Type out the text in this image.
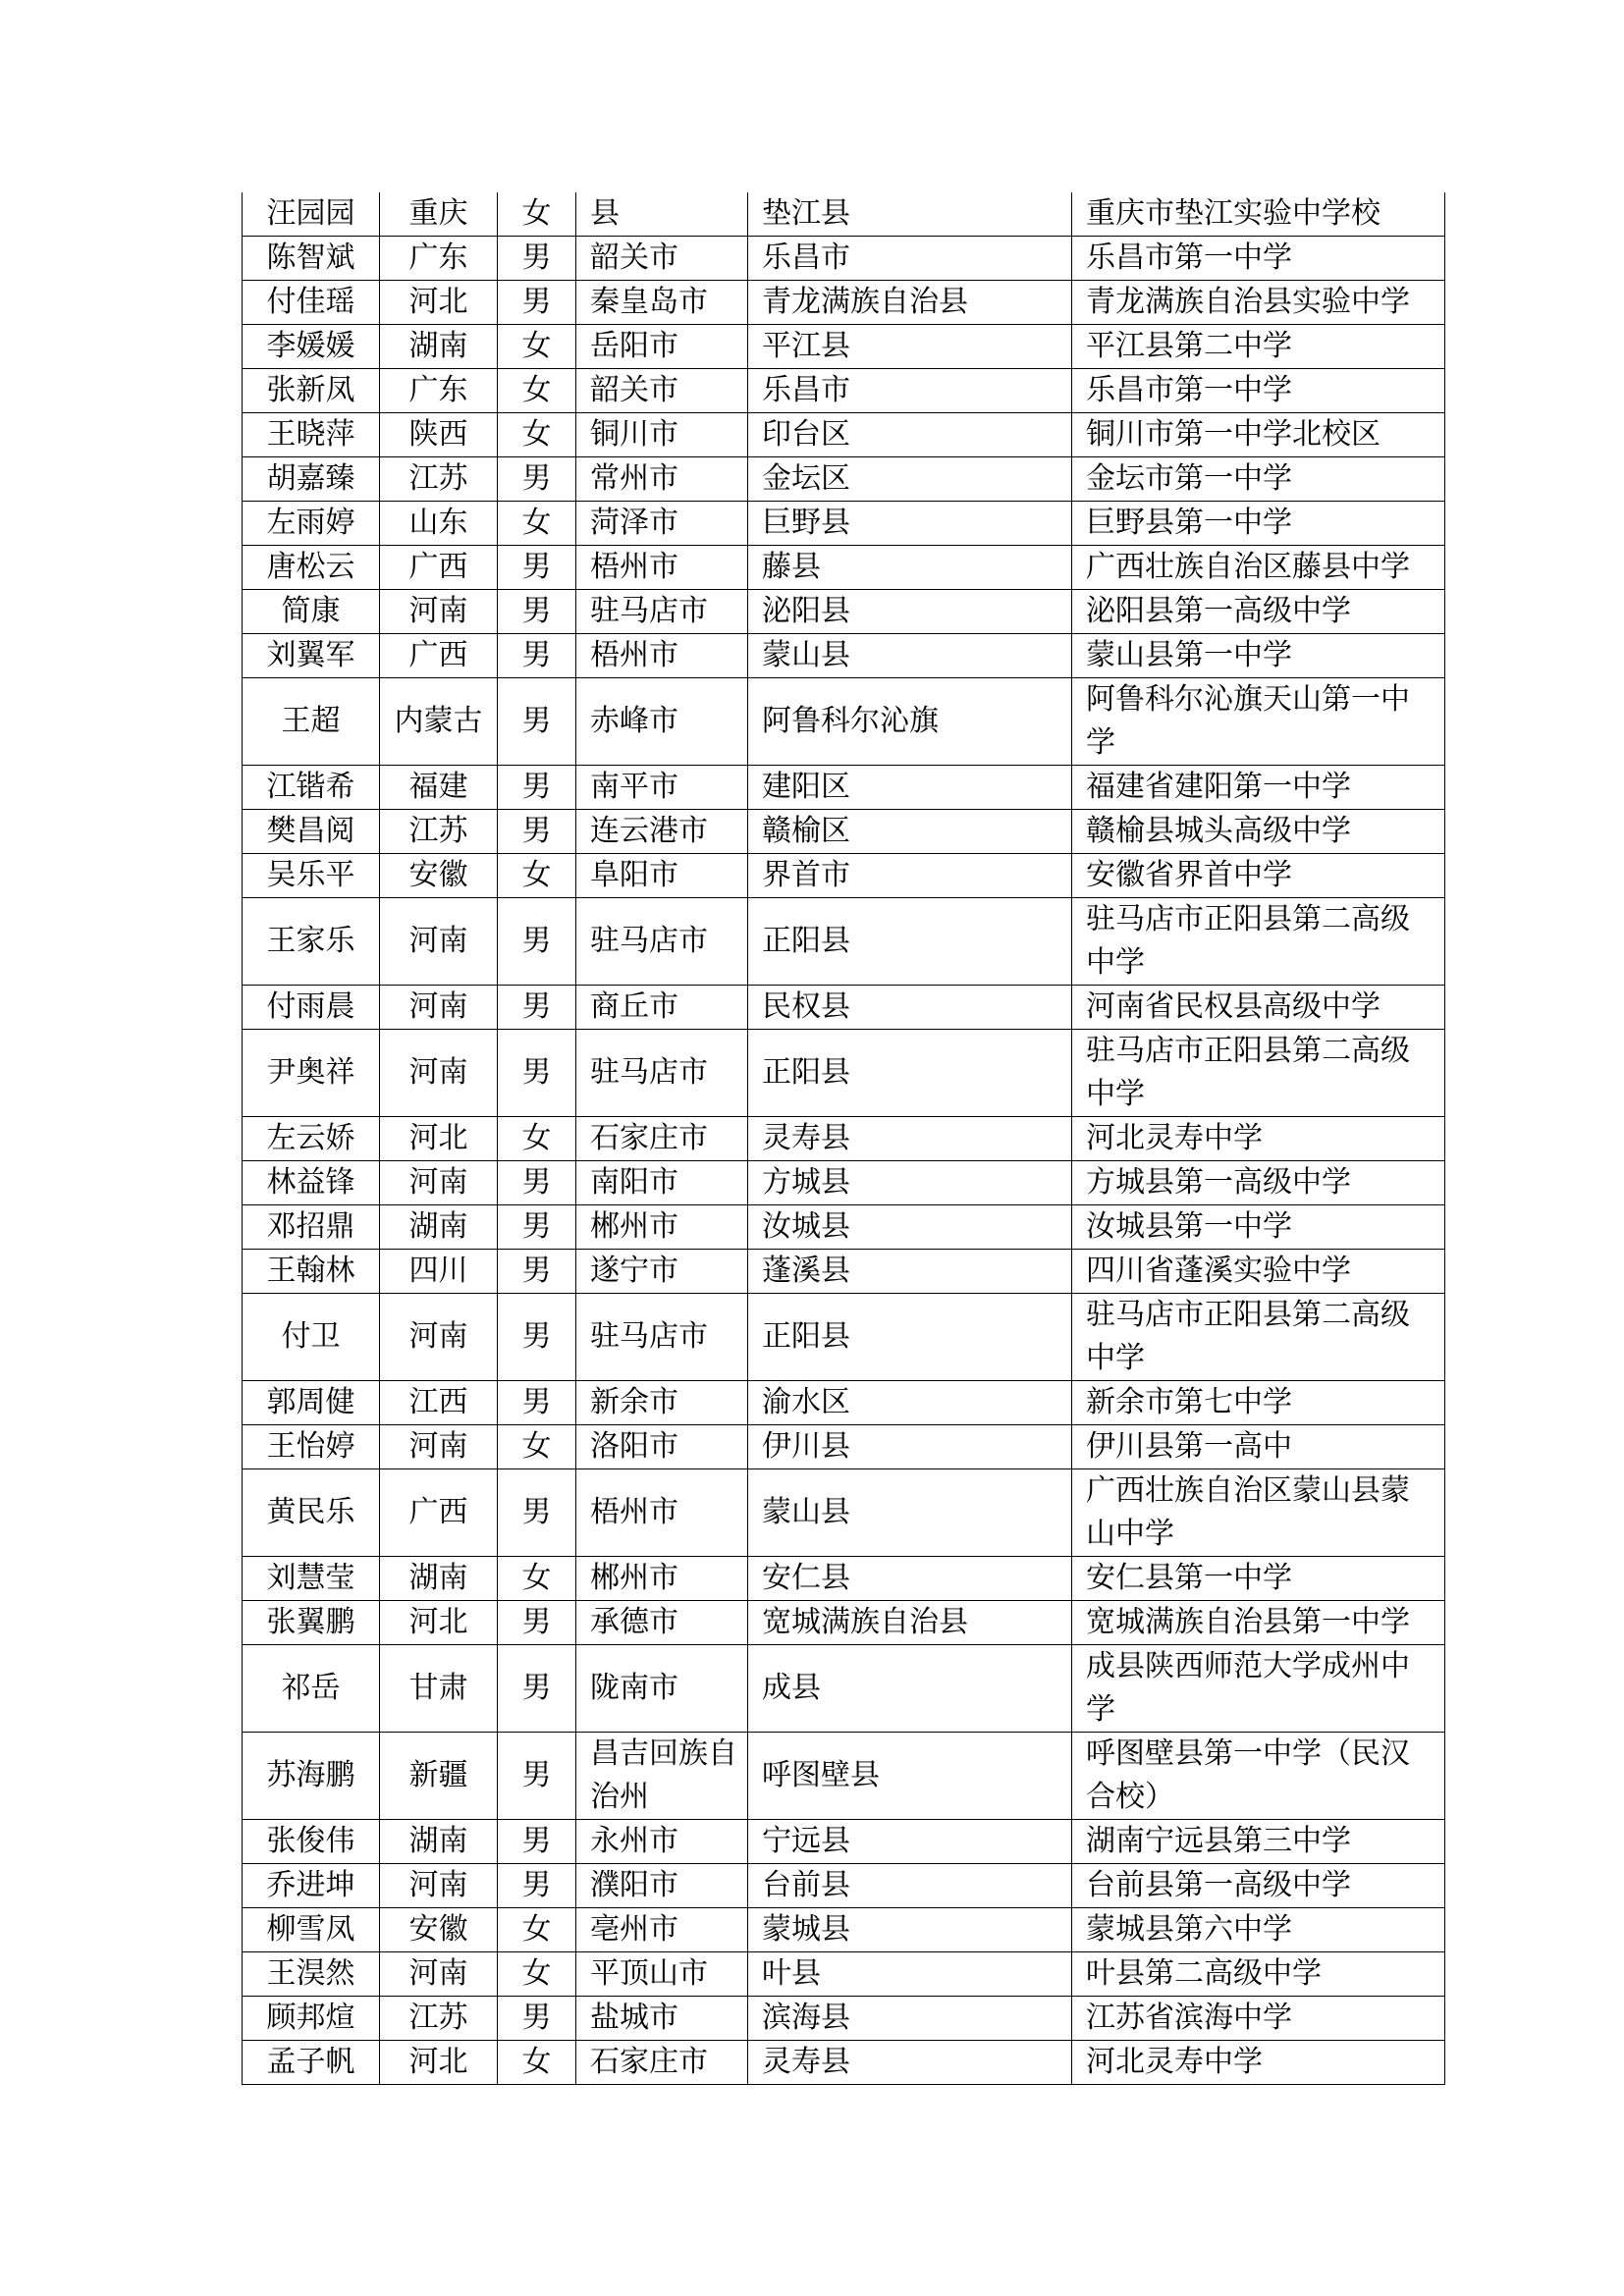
汪园园	重庆	女	县	垫江县	重庆市垫江实验中学校
陈智斌	广东	男	韶关市	乐昌市	乐昌市第一中学
付佳瑶	河北	男	秦皇岛市	青龙满族自治县	青龙满族自治县实验中学
李媛媛	湖南	女	岳阳市	平江县	平江县第二中学
张新凤	广东	女	韶关市	乐昌市	乐昌市第一中学
王晓萍	陕西	女	铜川市	印台区	铜川市第一中学北校区
胡嘉臻	江苏	男	常州市	金坛区	金坛市第一中学
左雨婷	山东	女	菏泽市	巨野县	巨野县第一中学
唐松云	广西	男	梧州市	藤县	广西壮族自治区藤县中学
简康	河南	男	驻马店市	泌阳县	泌阳县第一高级中学
刘翼军	广西	男	梧州市	蒙山县	蒙山县第一中学
王超	内蒙古	男	赤峰市	阿鲁科尔沁旗	阿鲁科尔沁旗天山第一中学
江锴希	福建	男	南平市	建阳区	福建省建阳第一中学
樊昌阅	江苏	男	连云港市	赣榆区	赣榆县城头高级中学
吴乐平	安徽	女	阜阳市	界首市	安徽省界首中学
王家乐	河南	男	驻马店市	正阳县	驻马店市正阳县第二高级中学
付雨晨	河南	男	商丘市	民权县	河南省民权县高级中学
尹奥祥	河南	男	驻马店市	正阳县	驻马店市正阳县第二高级中学
左云娇	河北	女	石家庄市	灵寿县	河北灵寿中学
林益锋	河南	男	南阳市	方城县	方城县第一高级中学
邓招鼎	湖南	男	郴州市	汝城县	汝城县第一中学
王翰林	四川	男	遂宁市	蓬溪县	四川省蓬溪实验中学
付卫	河南	男	驻马店市	正阳县	驻马店市正阳县第二高级中学
郭周健	江西	男	新余市	渝水区	新余市第七中学
王怡婷	河南	女	洛阳市	伊川县	伊川县第一高中
黄民乐	广西	男	梧州市	蒙山县	广西壮族自治区蒙山县蒙山中学
刘慧莹	湖南	女	郴州市	安仁县	安仁县第一中学
张翼鹏	河北	男	承德市	宽城满族自治县	宽城满族自治县第一中学
祁岳	甘肃	男	陇南市	成县	成县陕西师范大学成州中学
苏海鹏	新疆	男	昌吉回族自治州	呼图壁县	呼图壁县第一中学（民汉合校）
张俊伟	湖南	男	永州市	宁远县	湖南宁远县第三中学
乔进坤	河南	男	濮阳市	台前县	台前县第一高级中学
柳雪凤	安徽	女	亳州市	蒙城县	蒙城县第六中学
王淏然	河南	女	平顶山市	叶县	叶县第二高级中学
顾邦煊	江苏	男	盐城市	滨海县	江苏省滨海中学
孟子帆	河北	女	石家庄市	灵寿县	河北灵寿中学
